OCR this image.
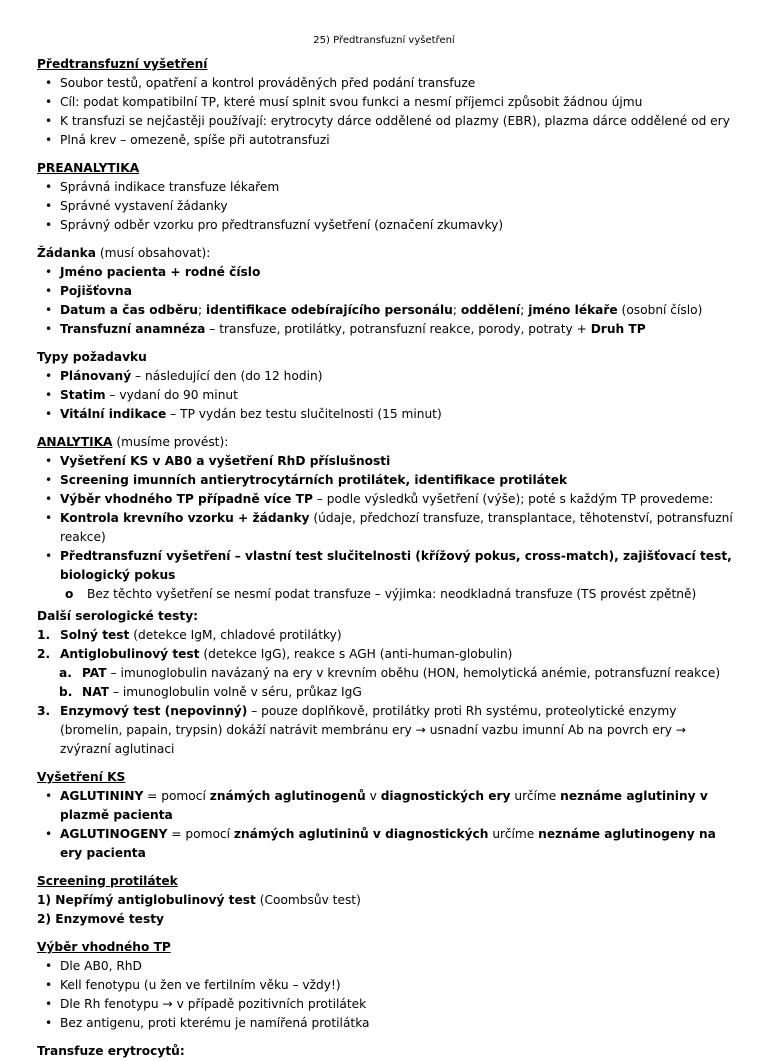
25) Předtransfuzní vyšetření

Předtransfuzní vyšetření

• Soubor testů, opatření a kontrol prováděných před podání transfuze
• Cíl: podat kompatibilní TP, které musí splnit svou funkci a nesmí příjemci způsobit žádnou újmu
• K transfuzi se nejčastěji používají: erytrocyty dárce oddělené od plazmy (EBR), plazma dárce oddělené od ery
• Plná krev – omezeně, spíše při autotransfuzi

PREANALYTIKA

• Správná indikace transfuze lékařem
• Správné vystavení žádanky
• Správný odběr vzorku pro předtransfuzní vyšetření (označení zkumavky)

Žádanka (musí obsahovat):

• Jméno pacienta + rodné číslo
• Pojišťovna
• Datum a čas odběru; identifikace odebírajícího personálu; oddělení; jméno lékaře (osobní číslo)
• Transfuzní anamnéza – transfuze, protilátky, potransfuzní reakce, porody, potraty + Druh TP

Typy požadavku

• Plánovaný – následující den (do 12 hodin)
• Statim – vydaní do 90 minut
• Vitální indikace – TP vydán bez testu slučitelnosti (15 minut)

ANALYTIKA (musíme provést):

• Vyšetření KS v AB0 a vyšetření RhD příslušnosti
• Screening imunních antierytrocytárních protilátek, identifikace protilátek
• Výběr vhodného TP případně více TP – podle výsledků vyšetření (výše); poté s každým TP provedeme:
• Kontrola krevního vzorku + žádanky (údaje, předchozí transfuze, transplantace, těhotenství, potransfuzní reakce)
• Předtransfuzní vyšetření – vlastní test slučitelnosti (křížový pokus, cross-match), zajišťovací test, biologický pokus
o Bez těchto vyšetření se nesmí podat transfuze – výjimka: neodkladná transfuze (TS provést zpětně)

Další serologické testy:

1. Solný test (detekce IgM, chladové protilátky)
2. Antiglobulinový test (detekce IgG), reakce s AGH (anti-human-globulin)
a. PAT – imunoglobulin navázaný na ery v krevním oběhu (HON, hemolytická anémie, potransfuzní reakce)
b. NAT – imunoglobulin volně v séru, průkaz IgG
3. Enzymový test (nepovinný) – pouze doplňkově, protilátky proti Rh systému, proteolytické enzymy (bromelin, papain, trypsin) dokáží natrávit membránu ery → usnadní vazbu imunní Ab na povrch ery → zvýrazní aglutinaci

Vyšetření KS

• AGLUTININY = pomocí známých aglutinogenů v diagnostických ery určíme neznáme aglutininy v plazmě pacienta
• AGLUTINOGENY = pomocí známých aglutininů v diagnostických určíme neznáme aglutinogeny na ery pacienta

Screening protilátek

1) Nepřímý antiglobulinový test (Coombsův test)

2) Enzymové testy

Výběr vhodného TP

• Dle AB0, RhD
• Kell fenotypu (u žen ve fertilním věku – vždy!)
• Dle Rh fenotypu → v případě pozitivních protilátek
• Bez antigenu, proti kterému je namířená protilátka

Transfuze erytrocytů:
